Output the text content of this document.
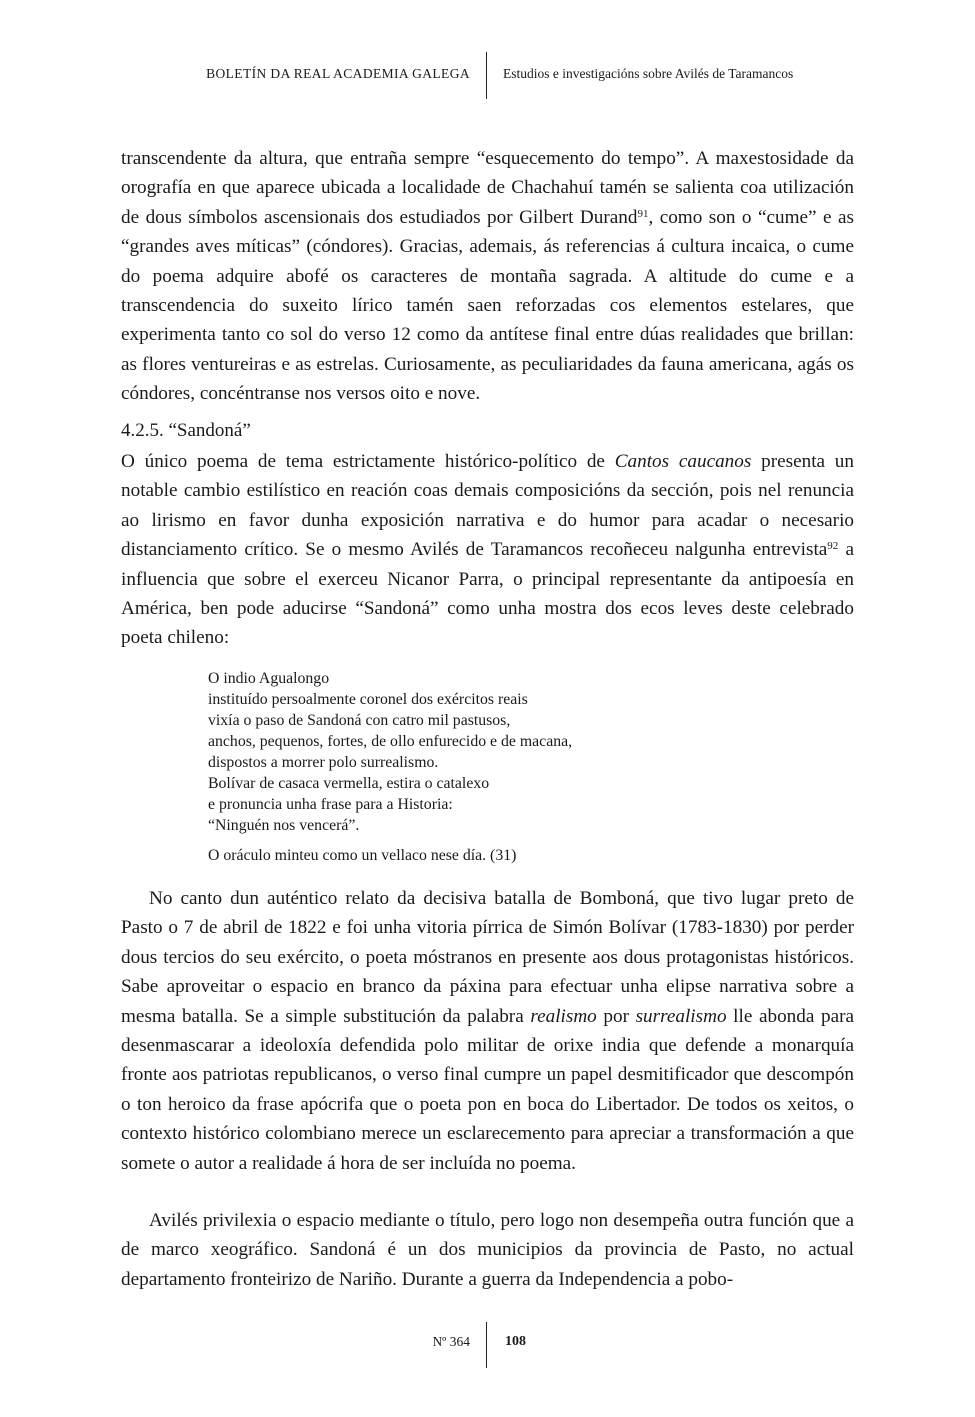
BOLETÍN DA REAL ACADEMIA GALEGA Estudios e investigacións sobre Avilés de Taramancos

transcendente da altura, que entraña sempre “esquecemento do tempo”. A maxestosidade da orografía en que aparece ubicada a localidade de Chachahuí tamén se salienta coa utilización de dous símbolos ascensionais dos estudiados por Gilbert Durand$^{91}$, como son o “cume” e as “grandes aves míticas” (cóndores). Gracias, ademais, ás referencias á cultura incaica, o cume do poema adquire abofé os caracteres de montaña sagrada. A altitude do cume e a transcendencia do suxeito lírico tamén saen reforzadas cos elementos estelares, que experimenta tanto co sol do verso 12 como da antítese final entre dúas realidades que brillan: as flores ventureiras e as estrelas. Curiosamente, as peculiaridades da fauna americana, agás os cóndores, concéntranse nos versos oito e nove.

4.2.5. “Sandoná”

O único poema de tema estrictamente histórico-político de Cantos caucanos presenta un notable cambio estilístico en reación coas demais composicións da sección, pois nel renuncia ao lirismo en favor dunha exposición narrativa e do humor para acadar o necesario distanciamento crítico. Se o mesmo Avilés de Taramancos recoñeceu nalgunha entrevista$^{92}$ a influencia que sobre el exerceu Nicanor Parra, o principal representante da antipoesía en América, ben pode aducirse “Sandoná” como unha mostra dos ecos leves deste celebrado poeta chileno:

O indio Agualongo
instituído persoalmente coronel dos exércitos reais
vixía o paso de Sandoná con catro mil pastusos,
anchos, pequenos, fortes, de ollo enfurecido e de macana,
dispostos a morrer polo surrealismo.
Bolívar de casaca vermella, estira o catalexo
e pronuncia unha frase para a Historia:
“Ninguén nos vencerá”.
O oráculo minteu como un vellaco nese día. (31)

No canto dun auténtico relato da decisiva batalla de Bomboná, que tivo lugar preto de Pasto o 7 de abril de 1822 e foi unha vitoria pírrica de Simón Bolívar (1783-1830) por perder dous tercios do seu exército, o poeta móstranos en presente aos dous protagonistas históricos. Sabe aproveitar o espacio en branco da páxina para efectuar unha elipse narrativa sobre a mesma batalla. Se a simple substitución da palabra realismo por surrealismo lle abonda para desenmascarar a ideoloxía defendida polo militar de orixe india que defende a monarquía fronte aos patriotas republicanos, o verso final cumpre un papel desmitificador que descompón o ton heroico da frase apócrifa que o poeta pon en boca do Libertador. De todos os xeitos, o contexto histórico colombiano merece un esclarecemento para apreciar a transformación a que somete o autor a realidade á hora de ser incluída no poema.

Avilés privilexia o espacio mediante o título, pero logo non desempeña outra función que a de marco xeográfico. Sandoná é un dos municipios da provincia de Pasto, no actual departamento fronteirizo de Nariño. Durante a guerra da Independencia a pobo-

Nº 364	108
